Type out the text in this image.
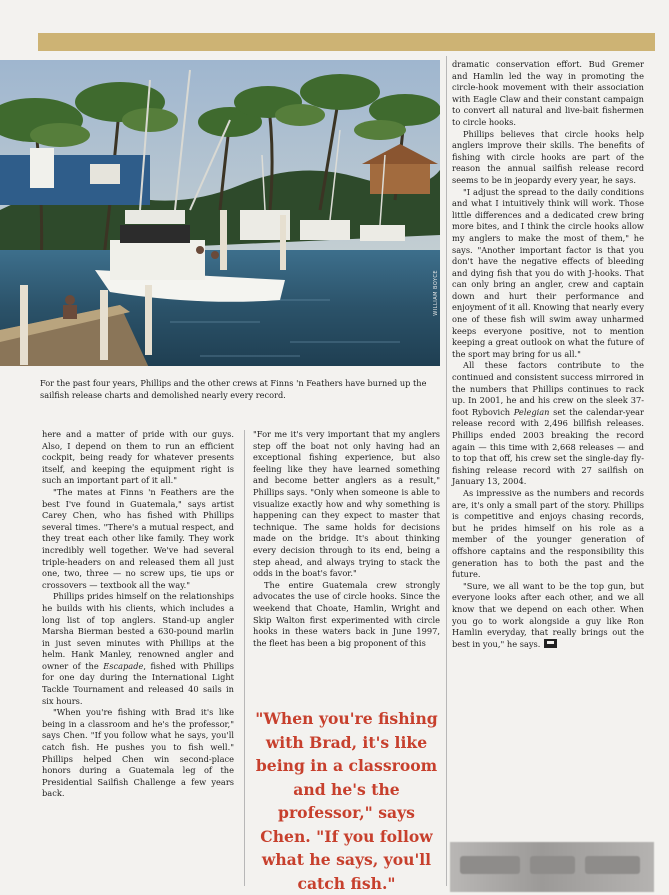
WILLIAM BOYCE
For the past four years, Phillips and the other crews at Finns 'n Feathers have burned up the sailfish release charts and demolished nearly every record.

here and a matter of pride with our guys. Also, I depend on them to run an efficient cockpit, being ready for whatever presents itself, and keeping the equipment right is such an important part of it all."

"The mates at Finns 'n Feathers are the best I've found in Guatemala," says artist Carey Chen, who has fished with Phillips several times. "There's a mutual respect, and they treat each other like family. They work incredibly well together. We've had several triple-headers on and released them all just one, two, three — no screw ups, tie ups or crossovers — textbook all the way."

Phillips prides himself on the relationships he builds with his clients, which includes a long list of top anglers. Stand-up angler Marsha Bierman bested a 630-pound marlin in just seven minutes with Phillips at the helm. Hank Manley, renowned angler and owner of the Escapade, fished with Phillips for one day during the International Light Tackle Tournament and released 40 sails in six hours.

"When you're fishing with Brad it's like being in a classroom and he's the professor," says Chen. "If you follow what he says, you'll catch fish. He pushes you to fish well." Phillips helped Chen win second-place honors during a Guatemala leg of the Presidential Sailfish Challenge a few years back.

"For me it's very important that my anglers step off the boat not only having had an exceptional fishing experience, but also feeling like they have learned something and become better anglers as a result," Phillips says. "Only when someone is able to visualize exactly how and why something is happening can they expect to master that technique. The same holds for decisions made on the bridge. It's about thinking every decision through to its end, being a step ahead, and always trying to stack the odds in the boat's favor."

The entire Guatemala crew strongly advocates the use of circle hooks. Since the weekend that Choate, Hamlin, Wright and Skip Walton first experimented with circle hooks in these waters back in June 1997, the fleet has been a big proponent of this

"When you're fishing with Brad, it's like being in a classroom and he's the professor," says Chen. "If you follow what he says, you'll catch fish."

dramatic conservation effort. Bud Gremer and Hamlin led the way in promoting the circle-hook movement with their association with Eagle Claw and their constant campaign to convert all natural and live-bait fishermen to circle hooks.

Phillips believes that circle hooks help anglers improve their skills. The benefits of fishing with circle hooks are part of the reason the annual sailfish release record seems to be in jeopardy every year, he says.

"I adjust the spread to the daily conditions and what I intuitively think will work. Those little differences and a dedicated crew bring more bites, and I think the circle hooks allow my anglers to make the most of them," he says. "Another important factor is that you don't have the negative effects of bleeding and dying fish that you do with J-hooks. That can only bring an angler, crew and captain down and hurt their performance and enjoyment of it all. Knowing that nearly every one of these fish will swim away unharmed keeps everyone positive, not to mention keeping a great outlook on what the future of the sport may bring for us all."

All these factors contribute to the continued and consistent success mirrored in the numbers that Phillips continues to rack up. In 2001, he and his crew on the sleek 37-foot Rybovich Pelegian set the calendar-year release record with 2,496 billfish releases. Phillips ended 2003 breaking the record again — this time with 2,668 releases — and to top that off, his crew set the single-day fly-fishing release record with 27 sailfish on January 13, 2004.

As impressive as the numbers and records are, it's only a small part of the story. Phillips is competitive and enjoys chasing records, but he prides himself on his role as a member of the younger generation of offshore captains and the responsibility this generation has to both the past and the future.

"Sure, we all want to be the top gun, but everyone looks after each other, and we all know that we depend on each other. When you go to work alongside a guy like Ron Hamlin everyday, that really brings out the best in you," he says.
